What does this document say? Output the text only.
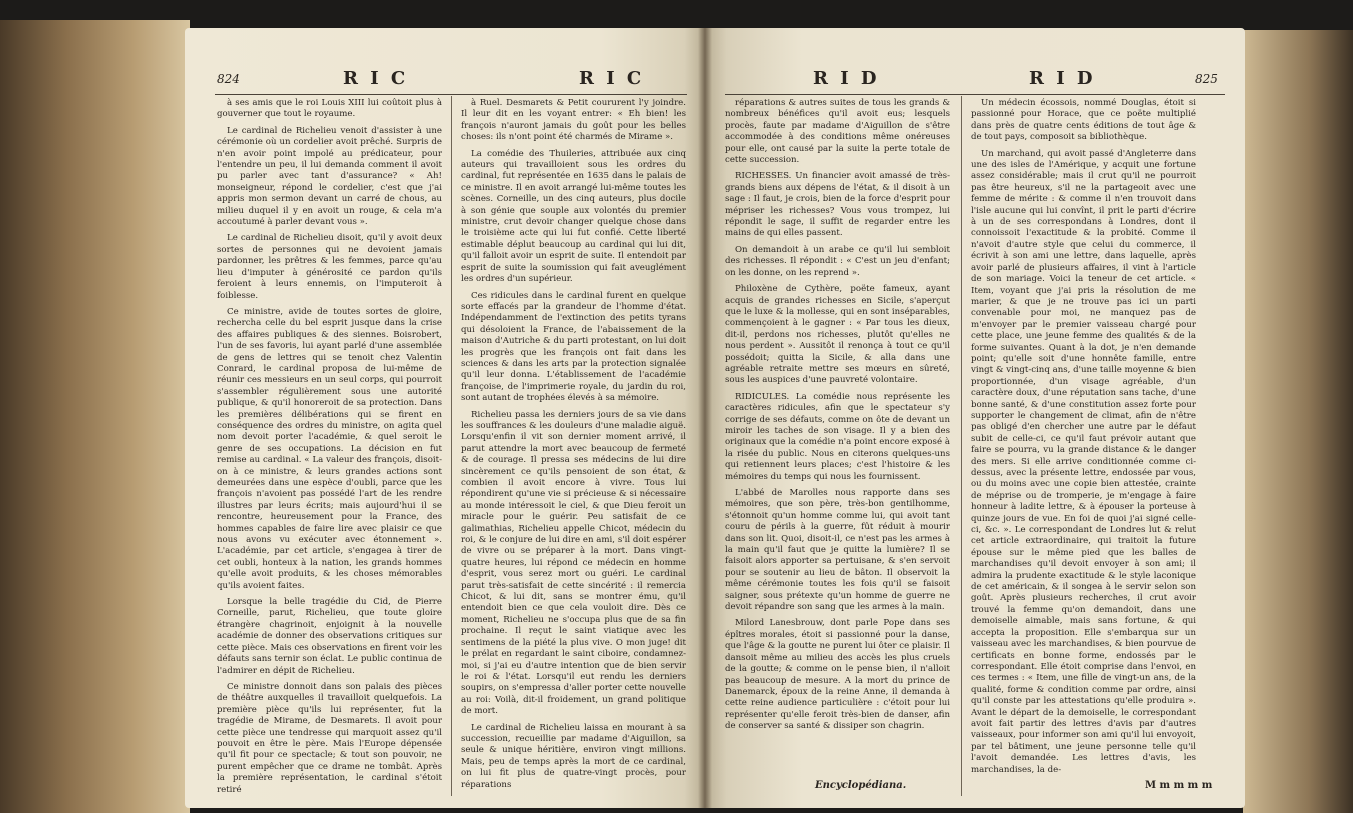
824	R I C	R I C

à ses amis que le roi Louis XIII lui coûtoit plus à gouverner que tout le royaume.

Le cardinal de Richelieu venoit d'assister à une cérémonie où un cordelier avoit prêché. Surpris de n'en avoir point impolé au prédicateur, pour l'entendre un peu, il lui demanda comment il avoit pu parler avec tant d'assurance? « Ah! monseigneur, répond le cordelier, c'est que j'ai appris mon sermon devant un carré de chous, au milieu duquel il y en avoit un rouge, & cela m'a accoutumé à parler devant vous ».

Le cardinal de Richelieu disoit, qu'il y avoit deux sortes de personnes qui ne devoient jamais pardonner, les prêtres & les femmes, parce qu'au lieu d'imputer à générosité ce pardon qu'ils feroient à leurs ennemis, on l'imputeroit à foiblesse.

Ce ministre, avide de toutes sortes de gloire, rechercha celle du bel esprit jusque dans la crise des affaires publiques & des siennes. Boisrobert, l'un de ses favoris, lui ayant parlé d'une assemblée de gens de lettres qui se tenoit chez Valentin Conrard, le cardinal proposa de lui-même de réunir ces messieurs en un seul corps, qui pourroit s'assembler régulièrement sous une autorité publique, & qu'il honoreroit de sa protection. Dans les premières délibérations qui se firent en conséquence des ordres du ministre, on agita quel nom devoit porter l'académie, & quel seroit le genre de ses occupations. La décision en fut remise au cardinal. « La valeur des françois, disoit-on à ce ministre, & leurs grandes actions sont demeurées dans une espèce d'oubli, parce que les françois n'avoient pas possédé l'art de les rendre illustres par leurs écrits; mais aujourd'hui il se rencontre, heureusement pour la France, des hommes capables de faire lire avec plaisir ce que nous avons vu exécuter avec étonnement ». L'académie, par cet article, s'engagea à tirer de cet oubli, honteux à la nation, les grands hommes qu'elle avoit produits, & les choses mémorables qu'ils avoient faites.

Lorsque la belle tragédie du Cid, de Pierre Corneille, parut, Richelieu, que toute gloire étrangère chagrinoit, enjoignit à la nouvelle académie de donner des observations critiques sur cette pièce. Mais ces observations en firent voir les défauts sans ternir son éclat. Le public continua de l'admirer en dépit de Richelieu.

Ce ministre donnoit dans son palais des pièces de théâtre auxquelles il travailloit quelquefois. La première pièce qu'ils lui représenter, fut la tragédie de Mirame, de Desmarets. Il avoit pour cette pièce une tendresse qui marquoit assez qu'il pouvoit en être le père. Mais l'Europe dépensée qu'il fit pour ce spectacle; & tout son pouvoir, ne purent empêcher que ce drame ne tombât. Après la première représentation, le cardinal s'étoit retiré

à Ruel. Desmarets & Petit coururent l'y joindre. Il leur dit en les voyant entrer: « Eh bien! les françois n'auront jamais du goût pour les belles choses: ils n'ont point été charmés de Mirame ».

La comédie des Thuileries, attribuée aux cinq auteurs qui travailloient sous les ordres du cardinal, fut représentée en 1635 dans le palais de ce ministre. Il en avoit arrangé lui-même toutes les scènes. Corneille, un des cinq auteurs, plus docile à son génie que souple aux volontés du premier ministre, crut devoir changer quelque chose dans le troisième acte qui lui fut confié. Cette liberté estimable déplut beaucoup au cardinal qui lui dit, qu'il falloit avoir un esprit de suite. Il entendoit par esprit de suite la soumission qui fait aveuglément les ordres d'un supérieur.

Ces ridicules dans le cardinal furent en quelque sorte effacés par la grandeur de l'homme d'état. Indépendamment de l'extinction des petits tyrans qui désoloient la France, de l'abaissement de la maison d'Autriche & du parti protestant, on lui doit les progrès que les françois ont fait dans les sciences & dans les arts par la protection signalée qu'il leur donna. L'établissement de l'académie françoise, de l'imprimerie royale, du jardin du roi, sont autant de trophées élevés à sa mémoire.

Richelieu passa les derniers jours de sa vie dans les souffrances & les douleurs d'une maladie aiguë. Lorsqu'enfin il vit son dernier moment arrivé, il parut attendre la mort avec beaucoup de fermeté & de courage. Il pressa ses médecins de lui dire sincèrement ce qu'ils pensoient de son état, & combien il avoit encore à vivre. Tous lui répondirent qu'une vie si précieuse & si nécessaire au monde intéressoit le ciel, & que Dieu feroit un miracle pour le guérir. Peu satisfait de ce galimathias, Richelieu appelle Chicot, médecin du roi, & le conjure de lui dire en ami, s'il doit espérer de vivre ou se préparer à la mort. Dans vingt-quatre heures, lui répond ce médecin en homme d'esprit, vous serez mort ou guéri. Le cardinal parut très-satisfait de cette sincérité : il remercia Chicot, & lui dit, sans se montrer ému, qu'il entendoit bien ce que cela vouloit dire. Dès ce moment, Richelieu ne s'occupa plus que de sa fin prochaine. Il reçut le saint viatique avec les sentimens de la piété la plus vive. O mon juge! dit le prélat en regardant le saint ciboire, condamnez-moi, si j'ai eu d'autre intention que de bien servir le roi & l'état. Lorsqu'il eut rendu les derniers soupirs, on s'empressa d'aller porter cette nouvelle au roi: Voilà, dit-il froidement, un grand politique de mort.

Le cardinal de Richelieu laissa en mourant à sa succession, recueillie par madame d'Aiguillon, sa seule & unique héritière, environ vingt millions. Mais, peu de temps après la mort de ce cardinal, on lui fit plus de quatre-vingt procès, pour réparations

R I D	R I D	825

réparations & autres suites de tous les grands & nombreux bénéfices qu'il avoit eus; lesquels procès, faute par madame d'Aiguillon de s'être accommodée à des conditions même onéreuses pour elle, ont causé par la suite la perte totale de cette succession.

RICHESSES. Un financier avoit amassé de très-grands biens aux dépens de l'état, & il disoit à un sage : Il faut, je crois, bien de la force d'esprit pour mépriser les richesses? Vous vous trompez, lui répondit le sage, il suffit de regarder entre les mains de qui elles passent.

On demandoit à un arabe ce qu'il lui sembloit des richesses. Il répondit : « C'est un jeu d'enfant; on les donne, on les reprend ».

Philoxène de Cythère, poëte fameux, ayant acquis de grandes richesses en Sicile, s'aperçut que le luxe & la mollesse, qui en sont inséparables, commençoient à le gagner : « Par tous les dieux, dit-il, perdons nos richesses, plutôt qu'elles ne nous perdent ». Aussitôt il renonça à tout ce qu'il possédoit; quitta la Sicile, & alla dans une agréable retraite mettre ses mœurs en sûreté, sous les auspices d'une pauvreté volontaire.

RIDICULES. La comédie nous représente les caractères ridicules, afin que le spectateur s'y corrige de ses défauts, comme on ôte de devant un miroir les taches de son visage. Il y a bien des originaux que la comédie n'a point encore exposé à la risée du public. Nous en citerons quelques-uns qui retiennent leurs places; c'est l'histoire & les mémoires du temps qui nous les fournissent.

L'abbé de Marolles nous rapporte dans ses mémoires, que son père, très-bon gentilhomme, s'étonnoit qu'un homme comme lui, qui avoit tant couru de périls à la guerre, fût réduit à mourir dans son lit. Quoi, disoit-il, ce n'est pas les armes à la main qu'il faut que je quitte la lumière? Il se faisoit alors apporter sa pertuisane, & s'en servoit pour se soutenir au lieu de bâton. Il observoit la même cérémonie toutes les fois qu'il se faisoit saigner, sous prétexte qu'un homme de guerre ne devoit répandre son sang que les armes à la main.

Milord Lanesbrouw, dont parle Pope dans ses épîtres morales, étoit si passionné pour la danse, que l'âge & la goutte ne purent lui ôter ce plaisir. Il dansoit même au milieu des accès les plus cruels de la goutte; & comme on le pense bien, il n'alloit pas beaucoup de mesure. A la mort du prince de Danemarck, époux de la reine Anne, il demanda à cette reine audience particulière : c'étoit pour lui représenter qu'elle feroit très-bien de danser, afin de conserver sa santé & dissiper son chagrin.

Encyclopédiana.

Un médecin écossois, nommé Douglas, étoit si passionné pour Horace, que ce poëte multiplié dans près de quatre cents éditions de tout âge & de tout pays, composoit sa bibliothèque.

Un marchand, qui avoit passé d'Angleterre dans une des isles de l'Amérique, y acquit une fortune assez considérable; mais il crut qu'il ne pourroit pas être heureux, s'il ne la partageoit avec une femme de mérite : & comme il n'en trouvoit dans l'isle aucune qui lui convînt, il prit le parti d'écrire à un de ses correspondans à Londres, dont il connoissoit l'exactitude & la probité. Comme il n'avoit d'autre style que celui du commerce, il écrivit à son ami une lettre, dans laquelle, après avoir parlé de plusieurs affaires, il vint à l'article de son mariage. Voici la teneur de cet article. « Item, voyant que j'ai pris la résolution de me marier, & que je ne trouve pas ici un parti convenable pour moi, ne manquez pas de m'envoyer par le premier vaisseau chargé pour cette place, une jeune femme des qualités & de la forme suivantes. Quant à la dot, je n'en demande point; qu'elle soit d'une honnête famille, entre vingt & vingt-cinq ans, d'une taille moyenne & bien proportionnée, d'un visage agréable, d'un caractère doux, d'une réputation sans tache, d'une bonne santé, & d'une constitution assez forte pour supporter le changement de climat, afin de n'être pas obligé d'en chercher une autre par le défaut subit de celle-ci, ce qu'il faut prévoir autant que faire se pourra, vu la grande distance & le danger des mers. Si elle arrive conditionnée comme ci-dessus, avec la présente lettre, endossée par vous, ou du moins avec une copie bien attestée, crainte de méprise ou de tromperie, je m'engage à faire honneur à ladite lettre, & à épouser la porteuse à quinze jours de vue. En foi de quoi j'ai signé celle-ci, &c. ». Le correspondant de Londres lut & relut cet article extraordinaire, qui traitoit la future épouse sur le même pied que les balles de marchandises qu'il devoit envoyer à son ami; il admira la prudente exactitude & le style laconique de cet américain, & il songea à le servir selon son goût. Après plusieurs recherches, il crut avoir trouvé la femme qu'on demandoit, dans une demoiselle aimable, mais sans fortune, & qui accepta la proposition. Elle s'embarqua sur un vaisseau avec les marchandises, & bien pourvue de certificats en bonne forme, endossés par le correspondant. Elle étoit comprise dans l'envoi, en ces termes : « Item, une fille de vingt-un ans, de la qualité, forme & condition comme par ordre, ainsi qu'il conste par les attestations qu'elle produira ». Avant le départ de la demoiselle, le correspondant avoit fait partir des lettres d'avis par d'autres vaisseaux, pour informer son ami qu'il lui envoyoit, par tel bâtiment, une jeune personne telle qu'il l'avoit demandée. Les lettres d'avis, les marchandises, la de-

M m m m m
